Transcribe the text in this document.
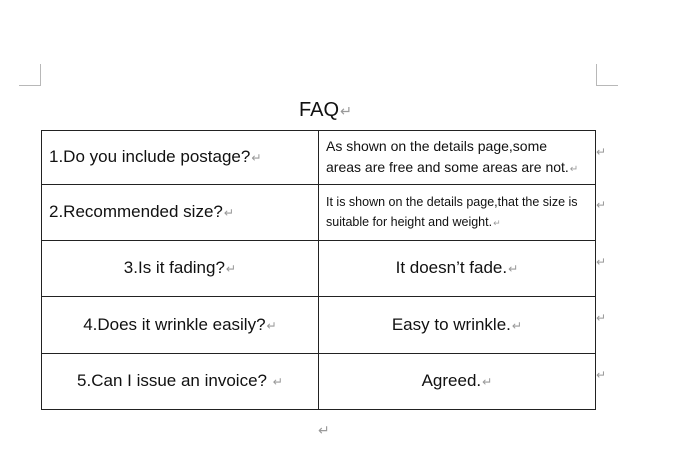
FAQ↵
1.Do you include postage?↵	As shown on the details page,some
areas are free and some areas are not.↵

2.Recommended size?↵	It is shown on the details page,that the size is
suitable for height and weight.↵

3.Is it fading?↵	It doesn’t fade.↵
4.Does it wrinkle easily?↵	Easy to wrinkle.↵
5.Can I issue an invoice? ↵	Agreed.↵
↵
↵
↵
↵
↵
↵
